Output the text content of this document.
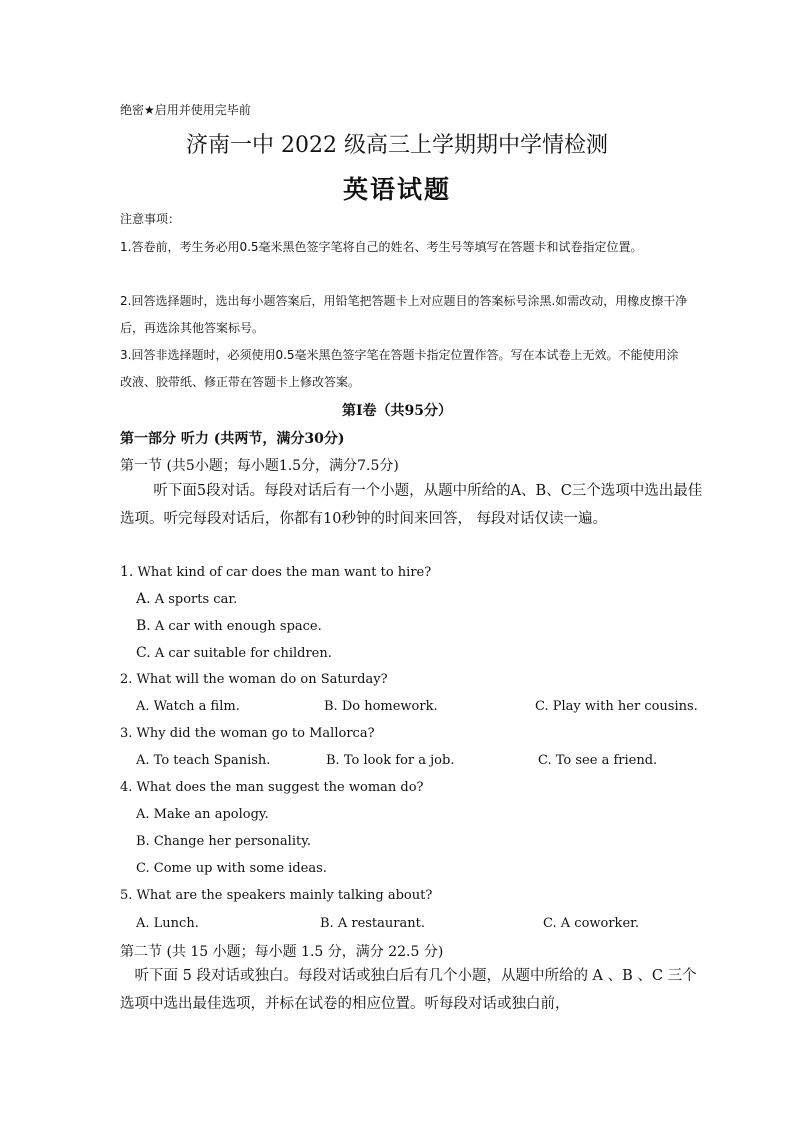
绝密★启用并使用完毕前
济南一中 2022 级高三上学期期中学情检测
英语试题
注意事项：
1.答卷前，考生务必用0.5毫米黑色签字笔将自己的姓名、考生号等填写在答题卡和试卷指定位置。
2.回答选择题时，选出每小题答案后，用铅笔把答题卡上对应题目的答案标号涂黑.如需改动，用橡皮擦干净后，再选涂其他答案标号。
3.回答非选择题时，必须使用0.5毫米黑色签字笔在答题卡指定位置作答。写在本试卷上无效。不能使用涂改液、胶带纸、修正带在答题卡上修改答案。
第Ⅰ卷（共95分）
第一部分 听力 (共两节，满分30分)
第一节 (共5小题；每小题1.5分，满分7.5分)
听下面5段对话。每段对话后有一个小题，从题中所给的A、B、C三个选项中选出最佳选项。听完每段对话后，你都有10秒钟的时间来回答， 每段对话仅读一遍。
1. What kind of car does the man want to hire?
A. A sports car.
B. A car with enough space.
C. A car suitable for children.
2. What will the woman do on Saturday?
A. Watch a film.	B. Do homework.	C. Play with her cousins.
3. Why did the woman go to Mallorca?
A. To teach Spanish.	B. To look for a job.	C. To see a friend.
4. What does the man suggest the woman do?
A. Make an apology.
B. Change her personality.
C. Come up with some ideas.
5. What are the speakers mainly talking about?
A. Lunch.	B. A restaurant.	C. A coworker.
第二节 (共 15 小题；每小题 1.5 分，满分 22.5 分)
听下面 5 段对话或独白。每段对话或独白后有几个小题，从题中所给的 A 、B 、C 三个选项中选出最佳选项，并标在试卷的相应位置。听每段对话或独白前，
